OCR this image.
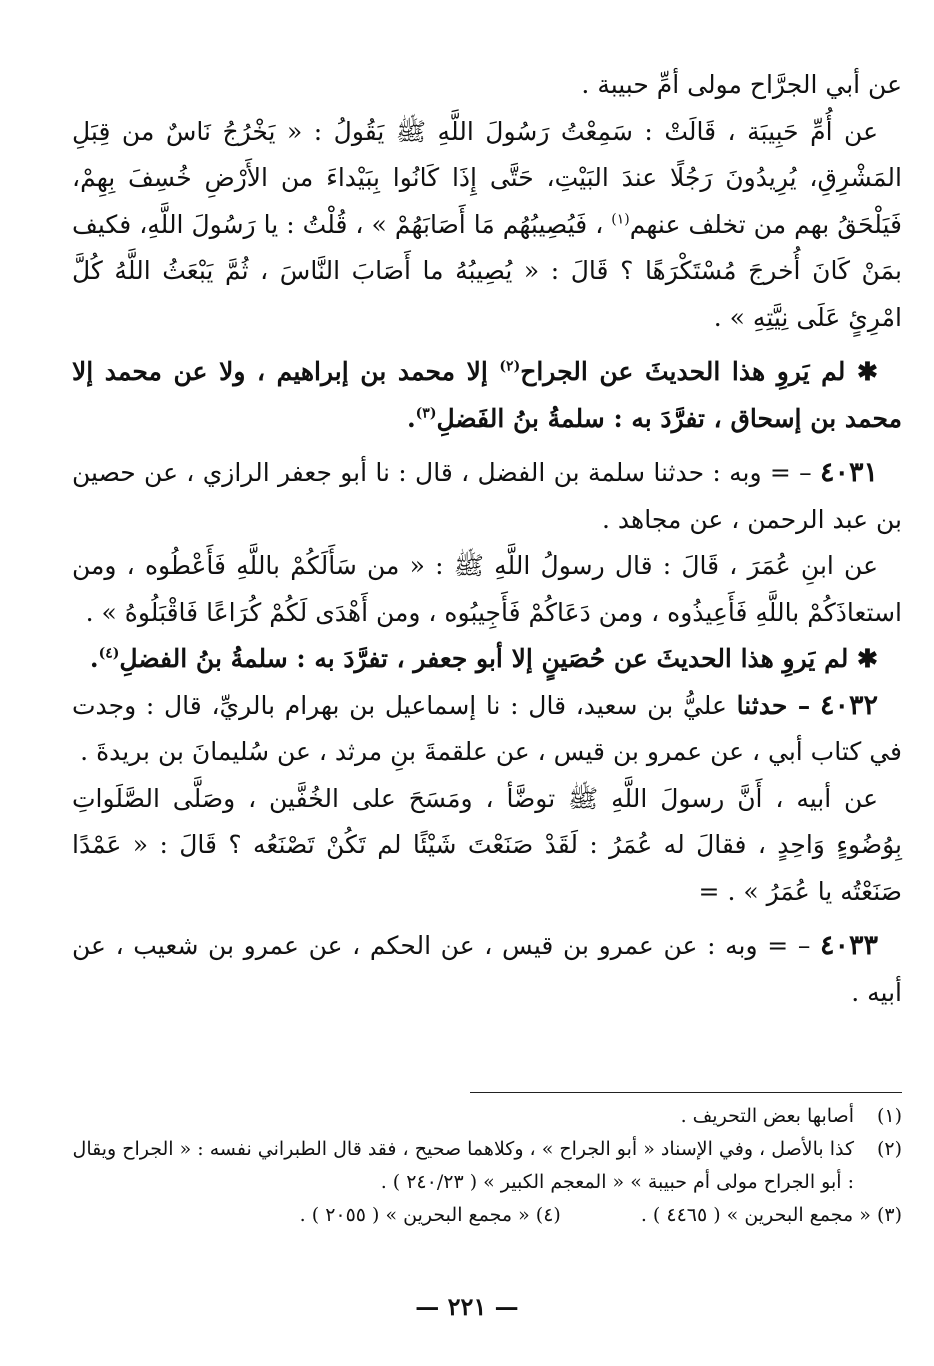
عن أبي الجرَّاح مولى أمِّ حبيبة .

عن أُمِّ حَبِيبَة ، قَالَتْ : سَمِعْتُ رَسُولَ اللَّهِ ﷺ يَقُولُ : « يَخْرُجُ نَاسٌ من قِبَلِ المَشْرِقِ، يُرِيدُونَ رَجُلًا عندَ البَيْتِ، حَتَّى إِذَا كَانُوا بِبَيْداءَ من الأَرْضِ خُسِفَ بِهِمْ، فَيَلْحَقُ بهم من تخلف عنهم$^{(١)}$ ، فَيُصِيبُهُم مَا أَصَابَهُمْ » ، قُلْتُ : يا رَسُولَ اللَّهِ، فكيف بمَنْ كَانَ أُخرجَ مُسْتَكْرَهًا ؟ قَالَ : « يُصِيبُهُ ما أَصَابَ النَّاسَ ، ثُمَّ يَبْعَثُ اللَّهُ كُلَّ امْرِئٍ عَلَى نِيَّتِهِ » .

✱ لم يَروِ هذا الحديثَ عن الجراح$^{(٢)}$ إلا محمد بن إبراهيم ، ولا عن محمد إلا محمد بن إسحاق ، تفرَّدَ به : سلمةُ بنُ الفَضلِ$^{(٣)}$.

٤٠٣١ – = وبه : حدثنا سلمة بن الفضل ، قال : نا أبو جعفر الرازي ، عن حصين بن عبد الرحمن ، عن مجاهد .

عن ابنِ عُمَرَ ، قَالَ : قال رسولُ اللَّهِ ﷺ : « من سَأَلَكُمْ باللَّهِ فَأَعْطُوه ، ومن استعاذَكُمْ باللَّهِ فَأَعِيذُوه ، ومن دَعَاكُمْ فَأَجِيبُوه ، ومن أَهْدَى لَكُمْ كُرَاعًا فَاقْبَلُوهُ » .

✱ لم يَروِ هذا الحديثَ عن حُصَينٍ إلا أبو جعفر ، تفرَّدَ به : سلمةُ بنُ الفضلِ$^{(٤)}$.

٤٠٣٢ – حدثنا عليُّ بن سعيد، قال : نا إسماعيل بن بهرام بالريِّ، قال : وجدت في كتاب أبي ، عن عمرو بن قيس ، عن علقمةَ بنِ مرثد ، عن سُليمانَ بن بريدةَ .

عن أبيه ، أَنَّ رسولَ اللَّهِ ﷺ توضَّأ ، ومَسَحَ على الخُفَّين ، وصَلَّى الصَّلَواتِ بِوُضُوءٍ وَاحِدٍ ، فقالَ له عُمَرُ : لَقَدْ صَنَعْتَ شَيْئًا لم تَكُنْ تَصْنَعُه ؟ قَالَ : « عَمْدًا صَنَعْتُه يا عُمَرُ » . =

٤٠٣٣ – = وبه : عن عمرو بن قيس ، عن الحكم ، عن عمرو بن شعيب ، عن أبيه .

(١)أصابها بعض التحريف .

(٢)كذا بالأصل ، وفي الإسناد « أبو الجراح » ، وكلاهما صحيح ، فقد قال الطبراني نفسه : « الجراح ويقال : أبو الجراح مولى أم حبيبة » « المعجم الكبير » ( ٢٤٠/٢٣ ) .

(٣) « مجمع البحرين » ( ٤٤٦٥ ) .
(٤) « مجمع البحرين » ( ٢٠٥٥ ) .
— ٢٢١ —
